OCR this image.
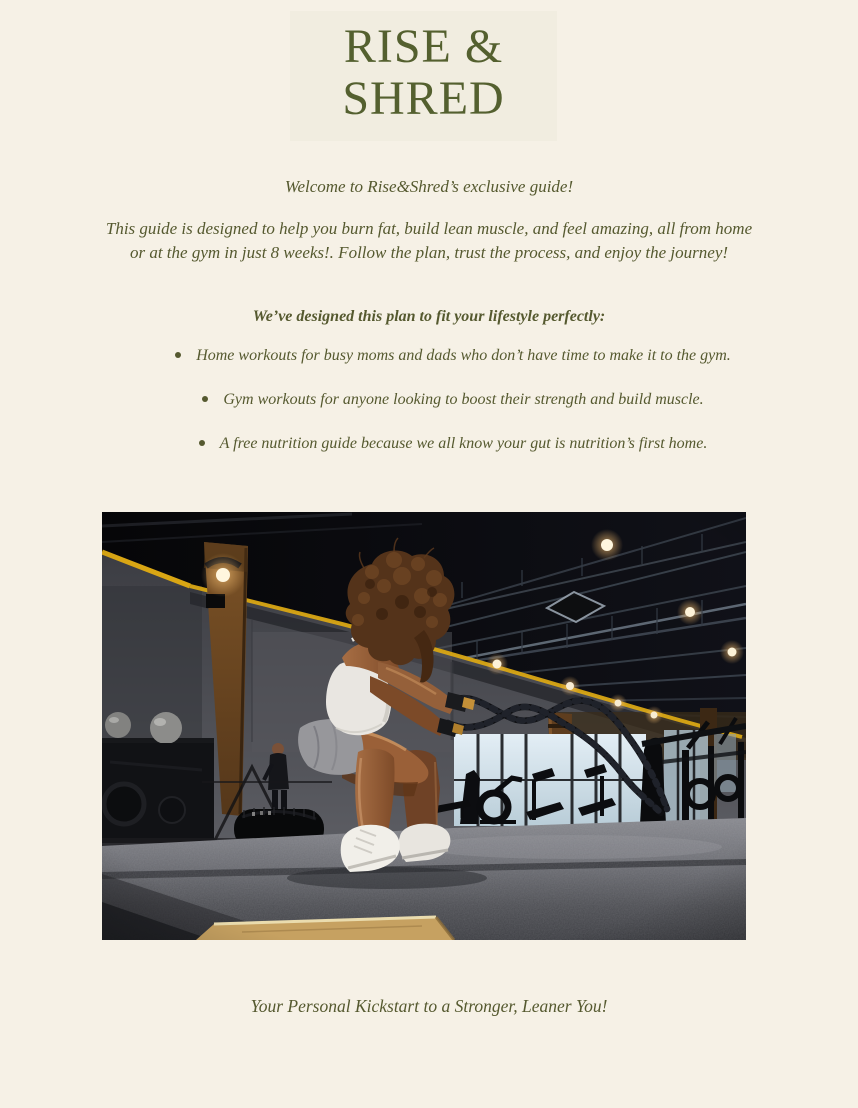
RISE &
SHRED

Welcome to Rise&Shred’s exclusive guide!

This guide is designed to help you burn fat, build lean muscle, and feel amazing, all from home or at the gym in just 8 weeks!. Follow the plan, trust the process, and enjoy the journey!

We’ve designed this plan to fit your lifestyle perfectly:

Home workouts for busy moms and dads who don’t have time to make it to the gym.
Gym workouts for anyone looking to boost their strength and build muscle.
A free nutrition guide because we all know your gut is nutrition’s first home.

Your Personal Kickstart to a Stronger, Leaner You!
